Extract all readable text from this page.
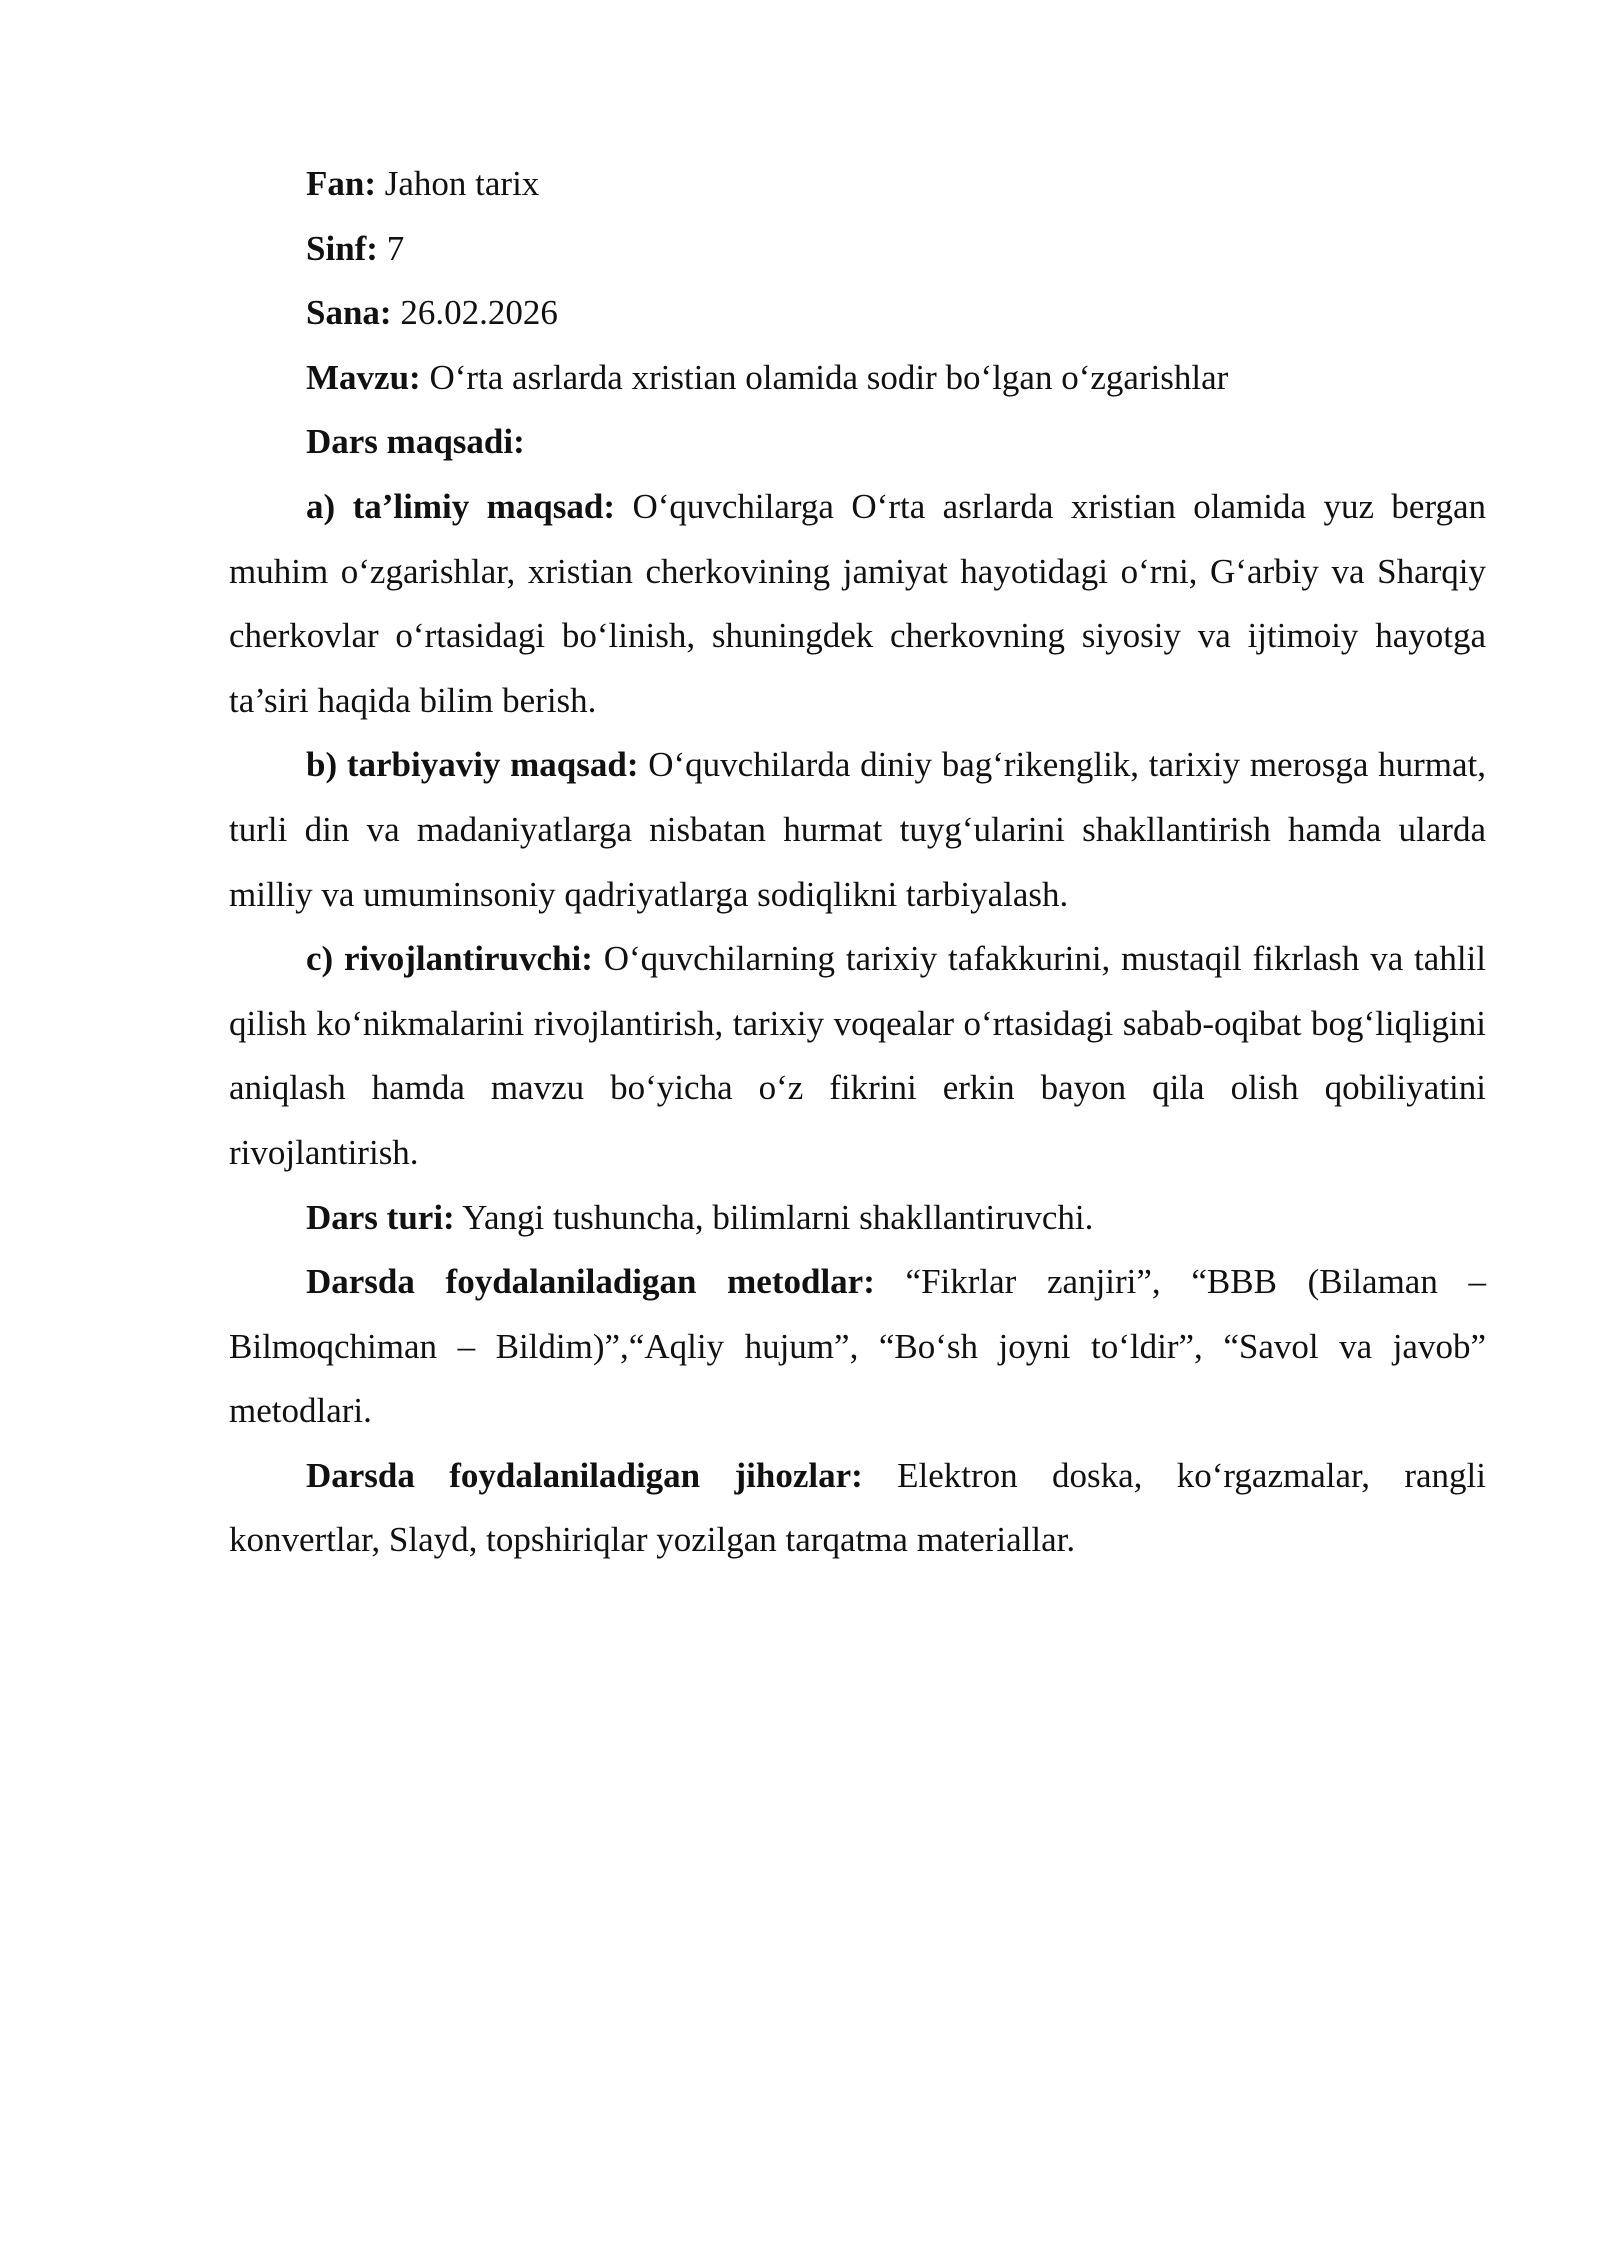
Fan: Jahon tarix

Sinf: 7

Sana: 26.02.2026

Mavzu: O‘rta asrlarda xristian olamida sodir bo‘lgan o‘zgarishlar

Dars maqsadi:

a) ta’limiy maqsad: O‘quvchilarga O‘rta asrlarda xristian olamida yuz bergan muhim o‘zgarishlar, xristian cherkovining jamiyat hayotidagi o‘rni, G‘arbiy va Sharqiy cherkovlar o‘rtasidagi bo‘linish, shuningdek cherkovning siyosiy va ijtimoiy hayotga ta’siri haqida bilim berish.

b) tarbiyaviy maqsad: O‘quvchilarda diniy bag‘rikenglik, tarixiy merosga hurmat, turli din va madaniyatlarga nisbatan hurmat tuyg‘ularini shakllantirish hamda ularda milliy va umuminsoniy qadriyatlarga sodiqlikni tarbiyalash.

c) rivojlantiruvchi: O‘quvchilarning tarixiy tafakkurini, mustaqil fikrlash va tahlil qilish ko‘nikmalarini rivojlantirish, tarixiy voqealar o‘rtasidagi sabab-oqibat bog‘liqligini aniqlash hamda mavzu bo‘yicha o‘z fikrini erkin bayon qila olish qobiliyatini rivojlantirish.

Dars turi: Yangi tushuncha, bilimlarni shakllantiruvchi.

Darsda foydalaniladigan metodlar: “Fikrlar zanjiri”, “BBB (Bilaman – Bilmoqchiman – Bildim)”,“Aqliy hujum”, “Bo‘sh joyni to‘ldir”, “Savol va javob” metodlari.

Darsda foydalaniladigan jihozlar: Elektron doska, ko‘rgazmalar, rangli konvertlar, Slayd, topshiriqlar yozilgan tarqatma materiallar.
